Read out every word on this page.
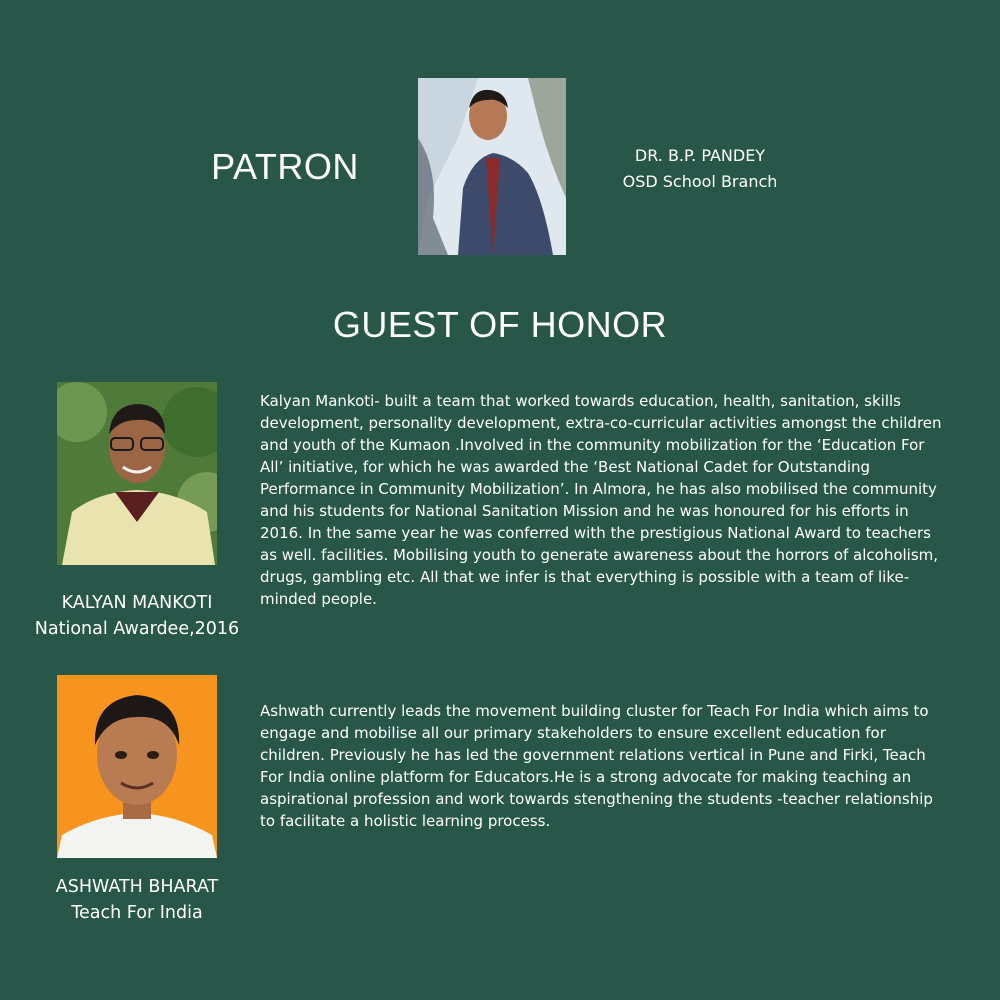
PATRON	DR. B.P. PANDEY
OSD School Branch
GUEST OF HONOR
KALYAN MANKOTI
National Awardee,2016
Kalyan Mankoti- built a team that worked towards education, health, sanitation, skills development, personality development, extra-co-curricular activities amongst the children and youth of the Kumaon .Involved in the community mobilization for the ‘Education For All’ initiative, for which he was awarded the ‘Best National Cadet for Outstanding Performance in Community Mobilization’. In Almora, he has also mobilised the community and his students for National Sanitation Mission and he was honoured for his efforts in 2016. In the same year he was conferred with the prestigious National Award to teachers as well. facilities. Mobilising youth to generate awareness about the horrors of alcoholism, drugs, gambling etc. All that we infer is that everything is possible with a team of like-minded people.
ASHWATH BHARAT
Teach For India
Ashwath currently leads the movement building cluster for Teach For India which aims to engage and mobilise all our primary stakeholders to ensure excellent education for children. Previously he has led the government relations vertical in Pune and Firki, Teach For India online platform for Educators.He is a strong advocate for making teaching an aspirational profession and work towards stengthening the students -teacher relationship to facilitate a holistic learning process.
